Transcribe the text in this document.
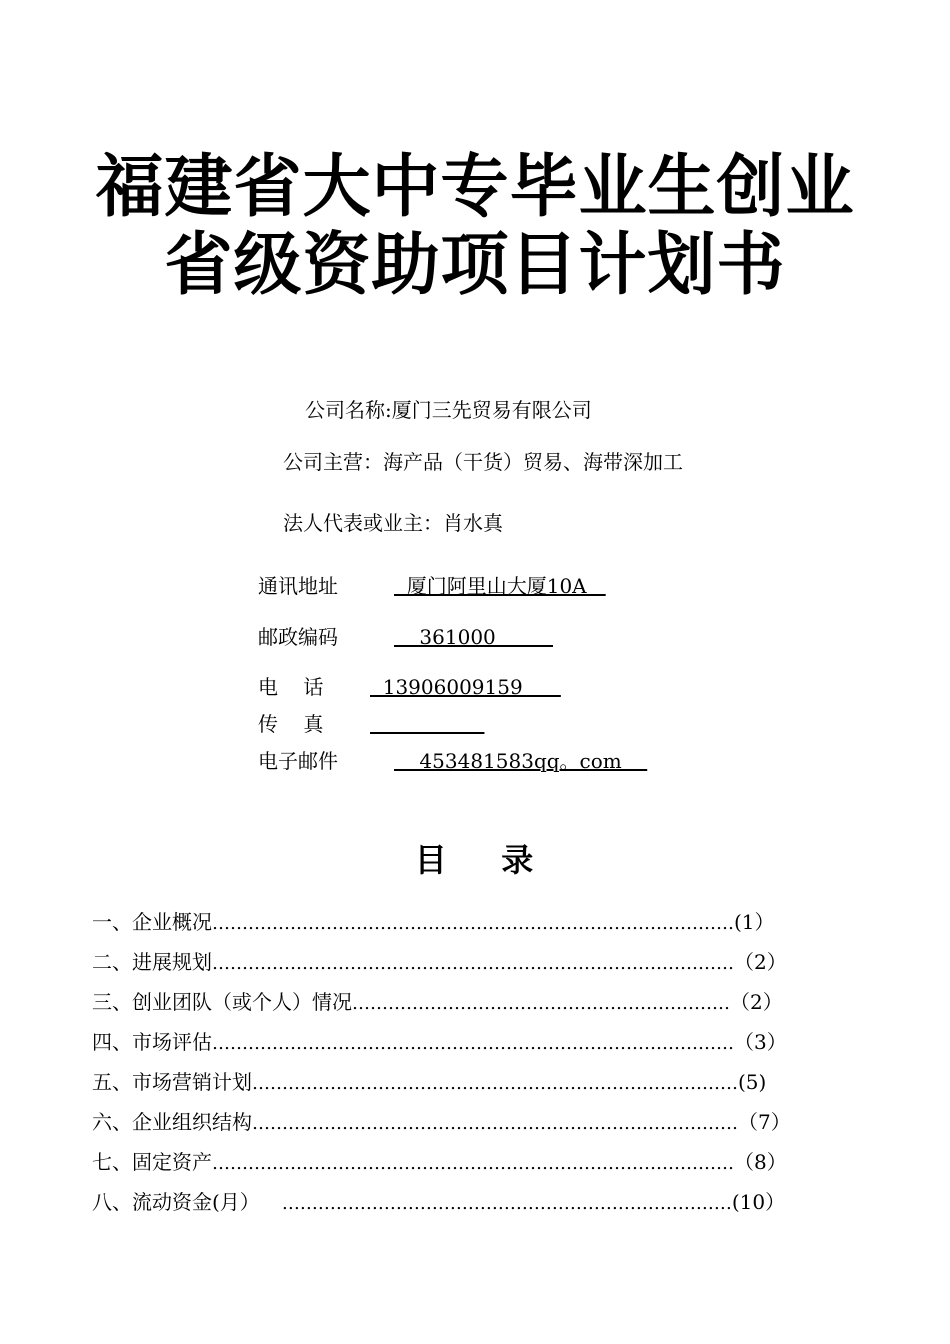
福建省大中专毕业生创业
省级资助项目计划书
公司名称:厦门三先贸易有限公司
公司主营：海产品（干货）贸易、海带深加工
法人代表或业主：肖水真
通讯地址	厦门阿里山大厦10A
邮政编码	361000
电    话  13906009159
传    真
电子邮件	453481583qq。com
目    录
一、企业概况 …………………………………………………………………………… (1）
二、进展规划 …………………………………………………………………………… （2）
三、创业团队（或个人）情况 ……………………………………………………… （2）
四、市场评估 …………………………………………………………………………… （3）
五、市场营销计划 ……………………………………………………………………… (5)
六、企业组织结构 ……………………………………………………………………… （7）
七、固定资产 …………………………………………………………………………… （8）
八、流动资金(月） ………………………………………………………………… (10）
